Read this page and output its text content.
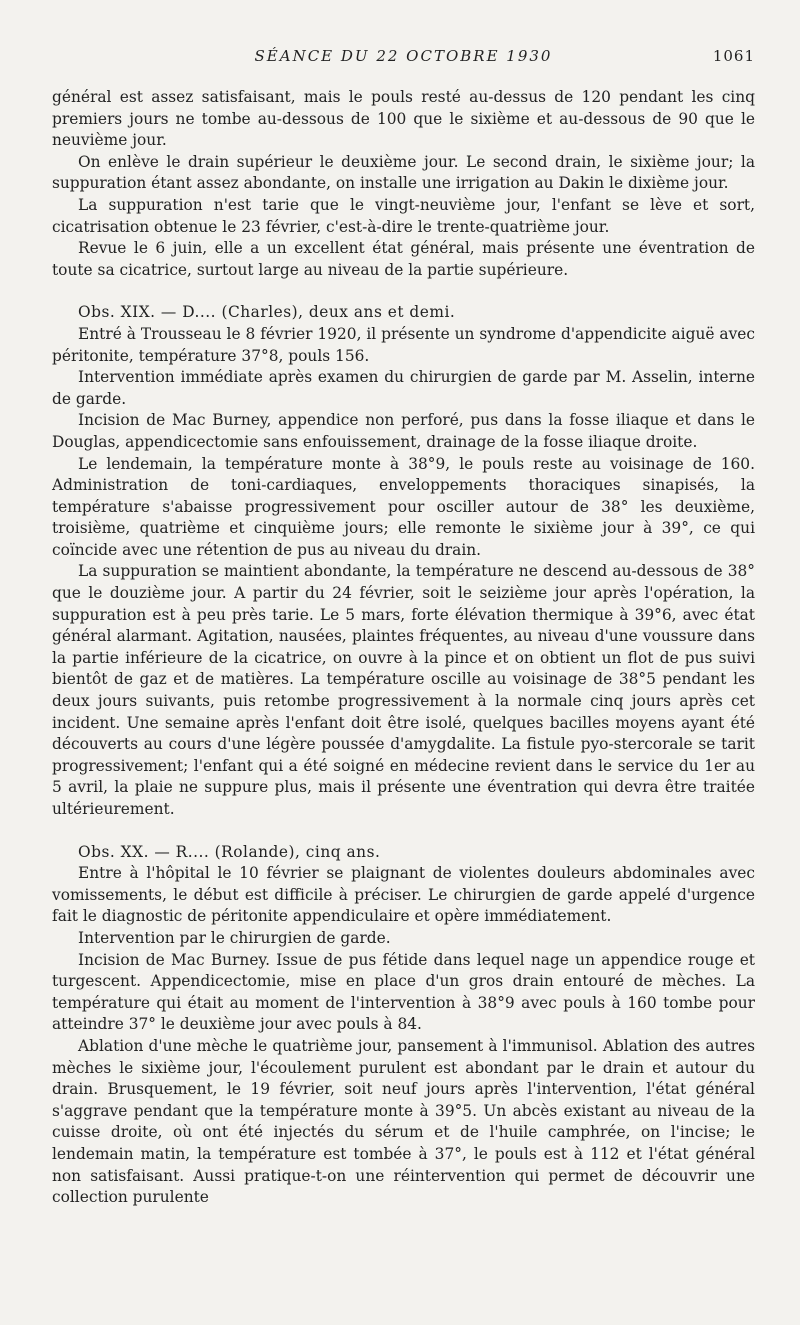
SÉANCE DU 22 OCTOBRE 1930	1061

général est assez satisfaisant, mais le pouls resté au-dessus de 120 pendant les cinq premiers jours ne tombe au-dessous de 100 que le sixième et au-dessous de 90 que le neuvième jour.

On enlève le drain supérieur le deuxième jour. Le second drain, le sixième jour; la suppuration étant assez abondante, on installe une irrigation au Dakin le dixième jour.

La suppuration n'est tarie que le vingt-neuvième jour, l'enfant se lève et sort, cicatrisation obtenue le 23 février, c'est-à-dire le trente-quatrième jour.

Revue le 6 juin, elle a un excellent état général, mais présente une éventration de toute sa cicatrice, surtout large au niveau de la partie supérieure.

Obs. XIX. — D.... (Charles), deux ans et demi.

Entré à Trousseau le 8 février 1920, il présente un syndrome d'appendicite aiguë avec péritonite, température 37°8, pouls 156.

Intervention immédiate après examen du chirurgien de garde par M. Asselin, interne de garde.

Incision de Mac Burney, appendice non perforé, pus dans la fosse iliaque et dans le Douglas, appendicectomie sans enfouissement, drainage de la fosse iliaque droite.

Le lendemain, la température monte à 38°9, le pouls reste au voisinage de 160. Administration de toni-cardiaques, enveloppements thoraciques sinapisés, la température s'abaisse progressivement pour osciller autour de 38° les deuxième, troisième, quatrième et cinquième jours; elle remonte le sixième jour à 39°, ce qui coïncide avec une rétention de pus au niveau du drain.

La suppuration se maintient abondante, la température ne descend au-dessous de 38° que le douzième jour. A partir du 24 février, soit le seizième jour après l'opération, la suppuration est à peu près tarie. Le 5 mars, forte élévation thermique à 39°6, avec état général alarmant. Agitation, nausées, plaintes fréquentes, au niveau d'une voussure dans la partie inférieure de la cicatrice, on ouvre à la pince et on obtient un flot de pus suivi bientôt de gaz et de matières. La température oscille au voisinage de 38°5 pendant les deux jours suivants, puis retombe progressivement à la normale cinq jours après cet incident. Une semaine après l'enfant doit être isolé, quelques bacilles moyens ayant été découverts au cours d'une légère poussée d'amygdalite. La fistule pyo-stercorale se tarit progressivement; l'enfant qui a été soigné en médecine revient dans le service du 1er au 5 avril, la plaie ne suppure plus, mais il présente une éventration qui devra être traitée ultérieurement.

Obs. XX. — R.... (Rolande), cinq ans.

Entre à l'hôpital le 10 février se plaignant de violentes douleurs abdominales avec vomissements, le début est difficile à préciser. Le chirurgien de garde appelé d'urgence fait le diagnostic de péritonite appendiculaire et opère immédiatement.

Intervention par le chirurgien de garde.

Incision de Mac Burney. Issue de pus fétide dans lequel nage un appendice rouge et turgescent. Appendicectomie, mise en place d'un gros drain entouré de mèches. La température qui était au moment de l'intervention à 38°9 avec pouls à 160 tombe pour atteindre 37° le deuxième jour avec pouls à 84.

Ablation d'une mèche le quatrième jour, pansement à l'immunisol. Ablation des autres mèches le sixième jour, l'écoulement purulent est abondant par le drain et autour du drain. Brusquement, le 19 février, soit neuf jours après l'intervention, l'état général s'aggrave pendant que la température monte à 39°5. Un abcès existant au niveau de la cuisse droite, où ont été injectés du sérum et de l'huile camphrée, on l'incise; le lendemain matin, la température est tombée à 37°, le pouls est à 112 et l'état général non satisfaisant. Aussi pratique-t-on une réintervention qui permet de découvrir une collection purulente
